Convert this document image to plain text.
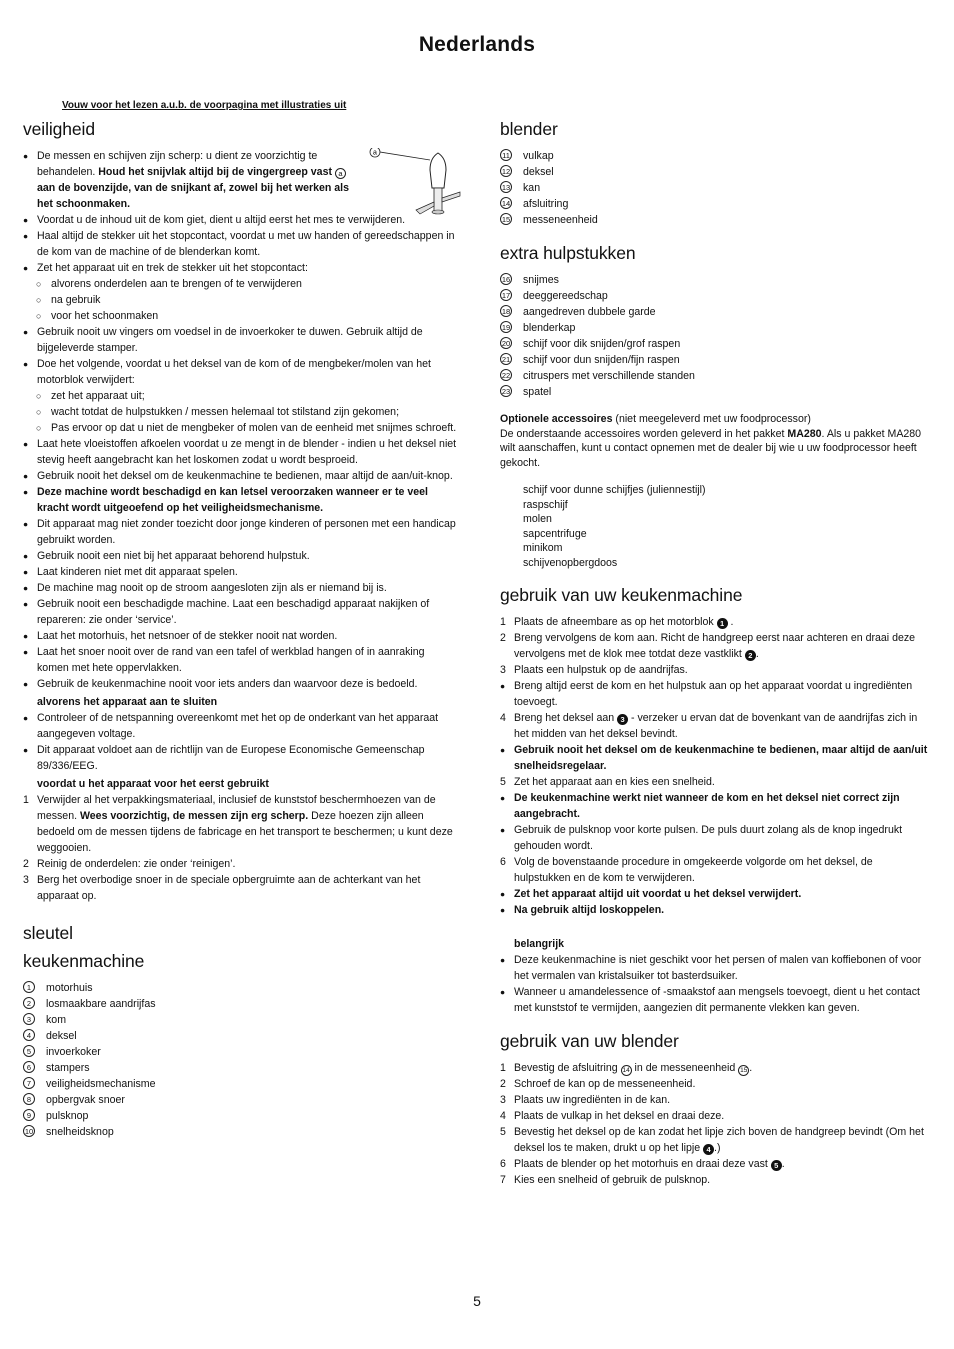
Nederlands
Vouw voor het lezen a.u.b. de voorpagina met illustraties uit
veiligheid
a
● De messen en schijven zijn scherp: u dient ze voorzichtig te behandelen. Houd het snijvlak altijd bij de vingergreep vast a aan de bovenzijde, van de snijkant af, zowel bij het werken als het schoonmaken.
● Voordat u de inhoud uit de kom giet, dient u altijd eerst het mes te verwijderen.
● Haal altijd de stekker uit het stopcontact, voordat u met uw handen of gereedschappen in de kom van de machine of de blenderkan komt.
● Zet het apparaat uit en trek de stekker uit het stopcontact:
○ alvorens onderdelen aan te brengen of te verwijderen
○ na gebruik
○ voor het schoonmaken
● Gebruik nooit uw vingers om voedsel in de invoerkoker te duwen. Gebruik altijd de bijgeleverde stamper.
● Doe het volgende, voordat u het deksel van de kom of de mengbeker/molen van het motorblok verwijdert:
○ zet het apparaat uit;
○ wacht totdat de hulpstukken / messen helemaal tot stilstand zijn gekomen;
○ Pas ervoor op dat u niet de mengbeker of molen van de eenheid met snijmes schroeft.
● Laat hete vloeistoffen afkoelen voordat u ze mengt in de blender - indien u het deksel niet stevig heeft aangebracht kan het loskomen zodat u wordt besproeid.
● Gebruik nooit het deksel om de keukenmachine te bedienen, maar altijd de aan/uit-knop.
● Deze machine wordt beschadigd en kan letsel veroorzaken wanneer er te veel kracht wordt uitgeoefend op het veiligheidsmechanisme.
● Dit apparaat mag niet zonder toezicht door jonge kinderen of personen met een handicap gebruikt worden.
● Gebruik nooit een niet bij het apparaat behorend hulpstuk.
● Laat kinderen niet met dit apparaat spelen.
● De machine mag nooit op de stroom aangesloten zijn als er niemand bij is.
● Gebruik nooit een beschadigde machine. Laat een beschadigd apparaat nakijken of repareren: zie onder ‘service’.
● Laat het motorhuis, het netsnoer of de stekker nooit nat worden.
● Laat het snoer nooit over de rand van een tafel of werkblad hangen of in aanraking komen met hete oppervlakken.
● Gebruik de keukenmachine nooit voor iets anders dan waarvoor deze is bedoeld.
alvorens het apparaat aan te sluiten
● Controleer of de netspanning overeenkomt met het op de onderkant van het apparaat aangegeven voltage.
● Dit apparaat voldoet aan de richtlijn van de Europese Economische Gemeenschap 89/336/EEG.
voordat u het apparaat voor het eerst gebruikt
1 Verwijder al het verpakkingsmateriaal, inclusief de kunststof beschermhoezen van de messen. Wees voorzichtig, de messen zijn erg scherp. Deze hoezen zijn alleen bedoeld om de messen tijdens de fabricage en het transport te beschermen; u kunt deze weggooien.
2 Reinig de onderdelen: zie onder ‘reinigen’.
3 Berg het overbodige snoer in de speciale opbergruimte aan de achterkant van het apparaat op.
sleutel
keukenmachine
1	motorhuis
2	losmaakbare aandrijfas
3	kom
4	deksel
5	invoerkoker
6	stampers
7	veiligheidsmechanisme
8	opbergvak snoer
9	pulsknop
10 snelheidsknop
blender
11 vulkap
12 deksel
13 kan
14 afsluitring
15 messeneenheid
extra hulpstukken
16 snijmes
17 deeggereedschap
18 aangedreven dubbele garde
19 blenderkap
20 schijf voor dik snijden/grof raspen
21 schijf voor dun snijden/fijn raspen
22 citruspers met verschillende standen
23 spatel
Optionele accessoires (niet meegeleverd met uw foodprocessor)
De onderstaande accessoires worden geleverd in het pakket MA280. Als u pakket MA280 wilt aanschaffen, kunt u contact opnemen met de dealer bij wie u uw foodprocessor heeft gekocht.
schijf voor dunne schijfjes (juliennestijl)
raspschijf
molen
sapcentrifuge
minikom
schijvenopbergdoos
gebruik van uw keukenmachine
1 Plaats de afneembare as op het motorblok 1 .
2 Breng vervolgens de kom aan. Richt de handgreep eerst naar achteren en draai deze vervolgens met de klok mee totdat deze vastklikt 2 .
3 Plaats een hulpstuk op de aandrijfas.
● Breng altijd eerst de kom en het hulpstuk aan op het apparaat voordat u ingrediënten toevoegt.
4 Breng het deksel aan 3 - verzeker u ervan dat de bovenkant van de aandrijfas zich in het midden van het deksel bevindt.
● Gebruik nooit het deksel om de keukenmachine te bedienen, maar altijd de aan/uit snelheidsregelaar.
5 Zet het apparaat aan en kies een snelheid.
● De keukenmachine werkt niet wanneer de kom en het deksel niet correct zijn aangebracht.
● Gebruik de pulsknop voor korte pulsen. De puls duurt zolang als de knop ingedrukt gehouden wordt.
6 Volg de bovenstaande procedure in omgekeerde volgorde om het deksel, de hulpstukken en de kom te verwijderen.
● Zet het apparaat altijd uit voordat u het deksel verwijdert.
● Na gebruik altijd loskoppelen.
belangrijk
● Deze keukenmachine is niet geschikt voor het persen of malen van koffiebonen of voor het vermalen van kristalsuiker tot basterdsuiker.
● Wanneer u amandelessence of -smaakstof aan mengsels toevoegt, dient u het contact met kunststof te vermijden, aangezien dit permanente vlekken kan geven.
gebruik van uw blender
1 Bevestig de afsluitring 14 in de messeneenheid 15 .
2 Schroef de kan op de messeneenheid.
3 Plaats uw ingrediënten in de kan.
4 Plaats de vulkap in het deksel en draai deze.
5 Bevestig het deksel op de kan zodat het lipje zich boven de handgreep bevindt (Om het deksel los te maken, drukt u op het lipje 4 .)
6 Plaats de blender op het motorhuis en draai deze vast 5 .
7 Kies een snelheid of gebruik de pulsknop.
5
